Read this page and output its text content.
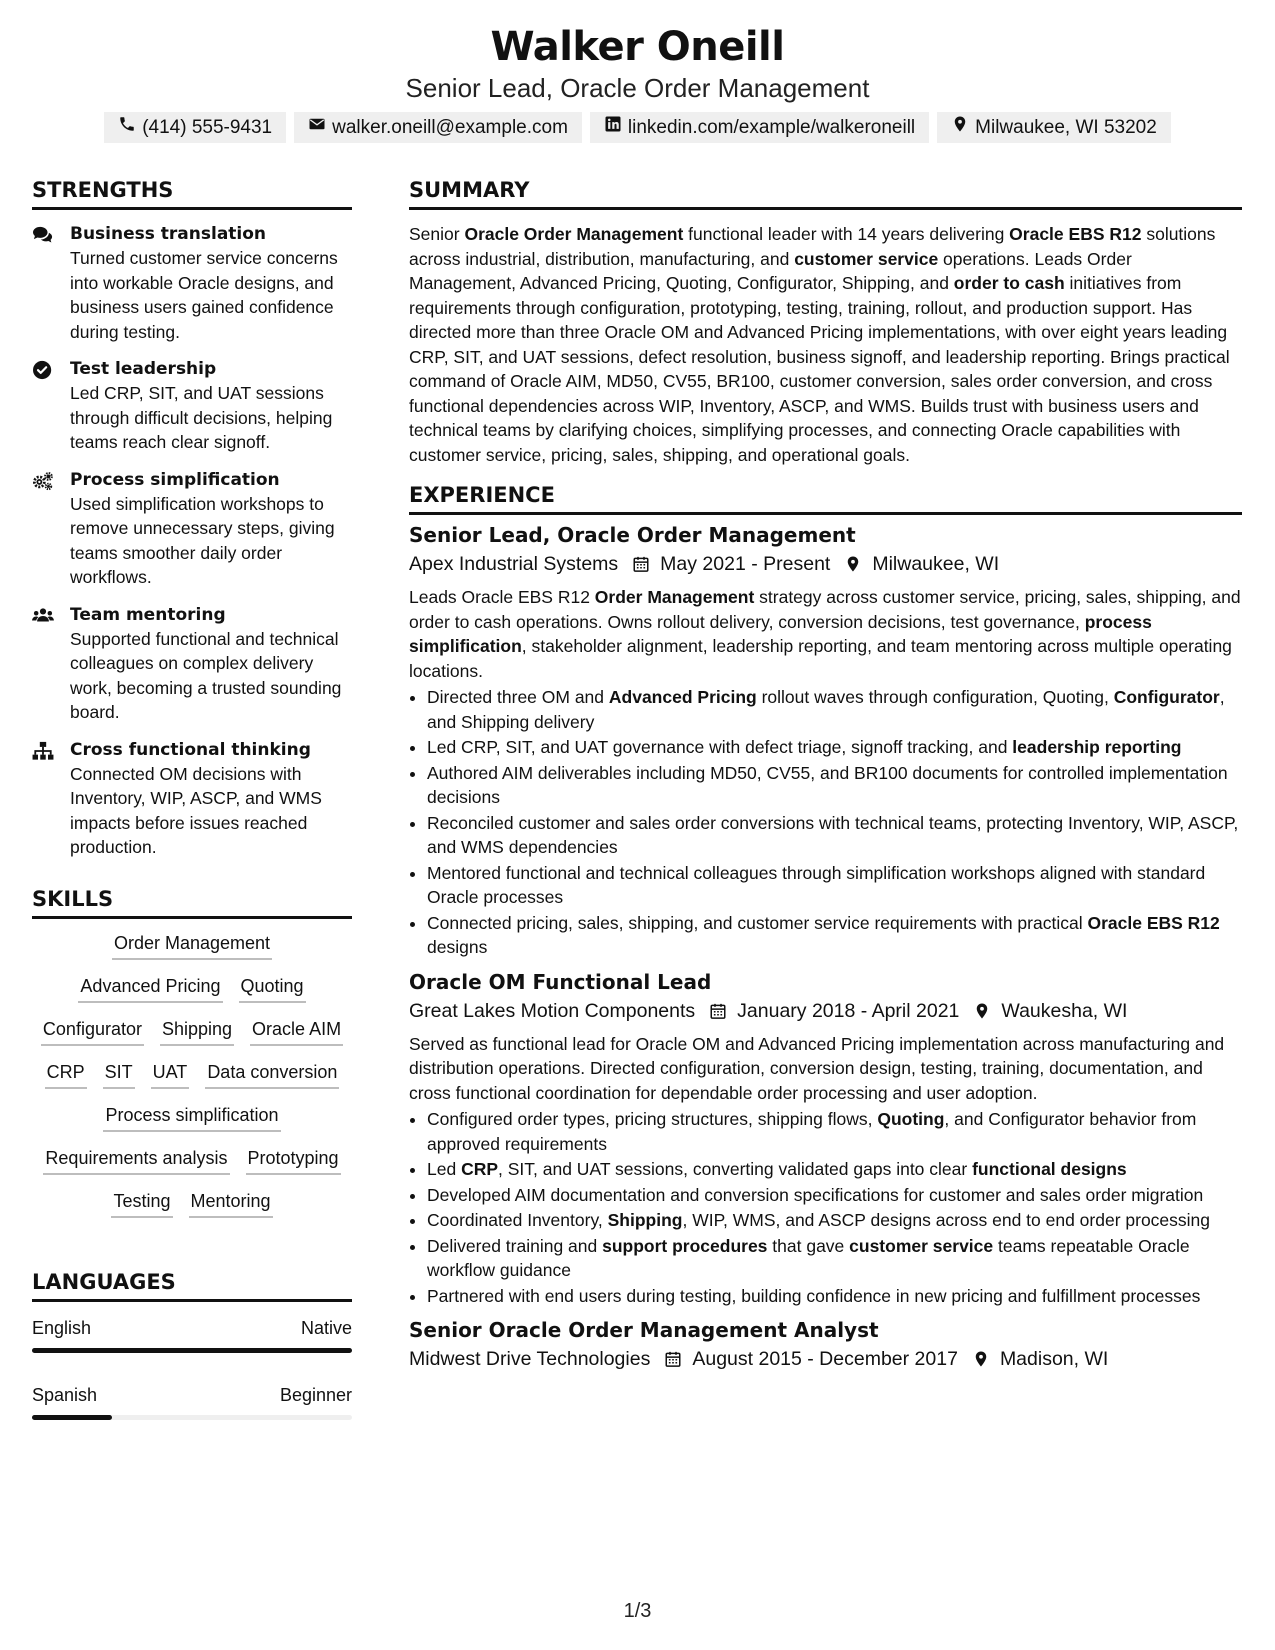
Walker Oneill
Senior Lead, Oracle Order Management
(414) 555-9431	walker.oneill@example.com	linkedin.com/example/walkeroneill	Milwaukee, WI 53202
STRENGTHS
Business translation
Turned customer service concerns into workable Oracle designs, and business users gained confidence during testing.
Test leadership
Led CRP, SIT, and UAT sessions through difficult decisions, helping teams reach clear signoff.
Process simplification
Used simplification workshops to remove unnecessary steps, giving teams smoother daily order workflows.
Team mentoring
Supported functional and technical colleagues on complex delivery work, becoming a trusted sounding board.
Cross functional thinking
Connected OM decisions with Inventory, WIP, ASCP, and WMS impacts before issues reached production.
SKILLS
Order Management
Advanced Pricing Quoting
Configurator Shipping Oracle AIM
CRP SIT UAT Data conversion
Process simplification
Requirements analysis Prototyping
Testing Mentoring
LANGUAGES
English	Native
Spanish	Beginner
SUMMARY
Senior Oracle Order Management functional leader with 14 years delivering Oracle EBS R12 solutions across industrial, distribution, manufacturing, and customer service operations. Leads Order Management, Advanced Pricing, Quoting, Configurator, Shipping, and order to cash initiatives from requirements through configuration, prototyping, testing, training, rollout, and production support. Has directed more than three Oracle OM and Advanced Pricing implementations, with over eight years leading CRP, SIT, and UAT sessions, defect resolution, business signoff, and leadership reporting. Brings practical command of Oracle AIM, MD50, CV55, BR100, customer conversion, sales order conversion, and cross functional dependencies across WIP, Inventory, ASCP, and WMS. Builds trust with business users and technical teams by clarifying choices, simplifying processes, and connecting Oracle capabilities with customer service, pricing, sales, shipping, and operational goals.
EXPERIENCE
Senior Lead, Oracle Order Management
Apex Industrial Systems May 2021 - Present Milwaukee, WI
Leads Oracle EBS R12 Order Management strategy across customer service, pricing, sales, shipping, and order to cash operations. Owns rollout delivery, conversion decisions, test governance, process simplification, stakeholder alignment, leadership reporting, and team mentoring across multiple operating locations.
• Directed three OM and Advanced Pricing rollout waves through configuration, Quoting, Configurator, and Shipping delivery
• Led CRP, SIT, and UAT governance with defect triage, signoff tracking, and leadership reporting
• Authored AIM deliverables including MD50, CV55, and BR100 documents for controlled implementation decisions
• Reconciled customer and sales order conversions with technical teams, protecting Inventory, WIP, ASCP, and WMS dependencies
• Mentored functional and technical colleagues through simplification workshops aligned with standard Oracle processes
• Connected pricing, sales, shipping, and customer service requirements with practical Oracle EBS R12 designs
Oracle OM Functional Lead
Great Lakes Motion Components January 2018 - April 2021 Waukesha, WI
Served as functional lead for Oracle OM and Advanced Pricing implementation across manufacturing and distribution operations. Directed configuration, conversion design, testing, training, documentation, and cross functional coordination for dependable order processing and user adoption.
• Configured order types, pricing structures, shipping flows, Quoting, and Configurator behavior from approved requirements
• Led CRP, SIT, and UAT sessions, converting validated gaps into clear functional designs
• Developed AIM documentation and conversion specifications for customer and sales order migration
• Coordinated Inventory, Shipping, WIP, WMS, and ASCP designs across end to end order processing
• Delivered training and support procedures that gave customer service teams repeatable Oracle workflow guidance
• Partnered with end users during testing, building confidence in new pricing and fulfillment processes
Senior Oracle Order Management Analyst
Midwest Drive Technologies August 2015 - December 2017 Madison, WI
1/3
